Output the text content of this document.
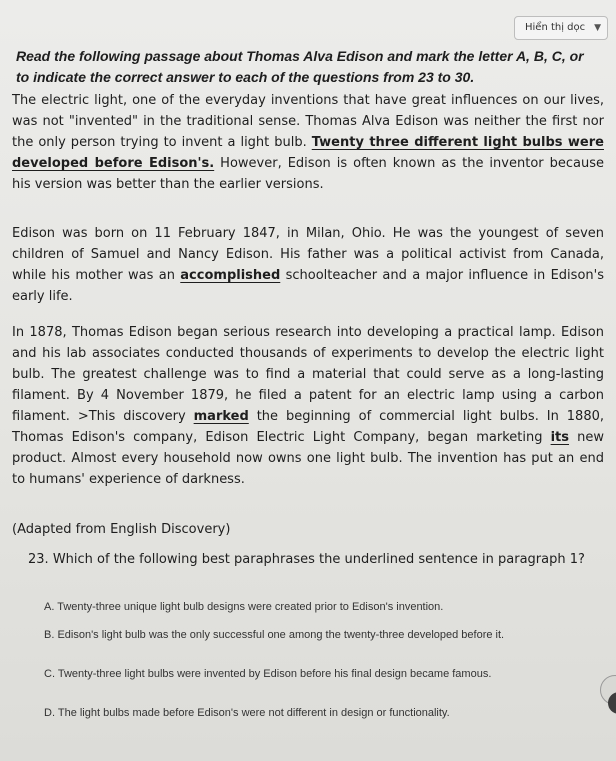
Hiển thị dọc ▼
Read the following passage about Thomas Alva Edison and mark the letter A, B, C, or
to indicate the correct answer to each of the questions from 23 to 30.
The electric light, one of the everyday inventions that have great influences on our lives, was not "invented" in the traditional sense. Thomas Alva Edison was neither the first nor the only person trying to invent a light bulb. Twenty three different light bulbs were developed before Edison's. However, Edison is often known as the inventor because his version was better than the earlier versions.
Edison was born on 11 February 1847, in Milan, Ohio. He was the youngest of seven children of Samuel and Nancy Edison. His father was a political activist from Canada, while his mother was an accomplished schoolteacher and a major influence in Edison's early life.
In 1878, Thomas Edison began serious research into developing a practical lamp. Edison and his lab associates conducted thousands of experiments to develop the electric light bulb. The greatest challenge was to find a material that could serve as a long-lasting filament. By 4 November 1879, he filed a patent for an electric lamp using a carbon filament. >This discovery marked the beginning of commercial light bulbs. In 1880, Thomas Edison's company, Edison Electric Light Company, began marketing its new product. Almost every household now owns one light bulb. The invention has put an end to humans' experience of darkness.
(Adapted from English Discovery)
23. Which of the following best paraphrases the underlined sentence in paragraph 1?
A. Twenty-three unique light bulb designs were created prior to Edison's invention.
B. Edison's light bulb was the only successful one among the twenty-three developed before it.
C. Twenty-three light bulbs were invented by Edison before his final design became famous.
D. The light bulbs made before Edison's were not different in design or functionality.
